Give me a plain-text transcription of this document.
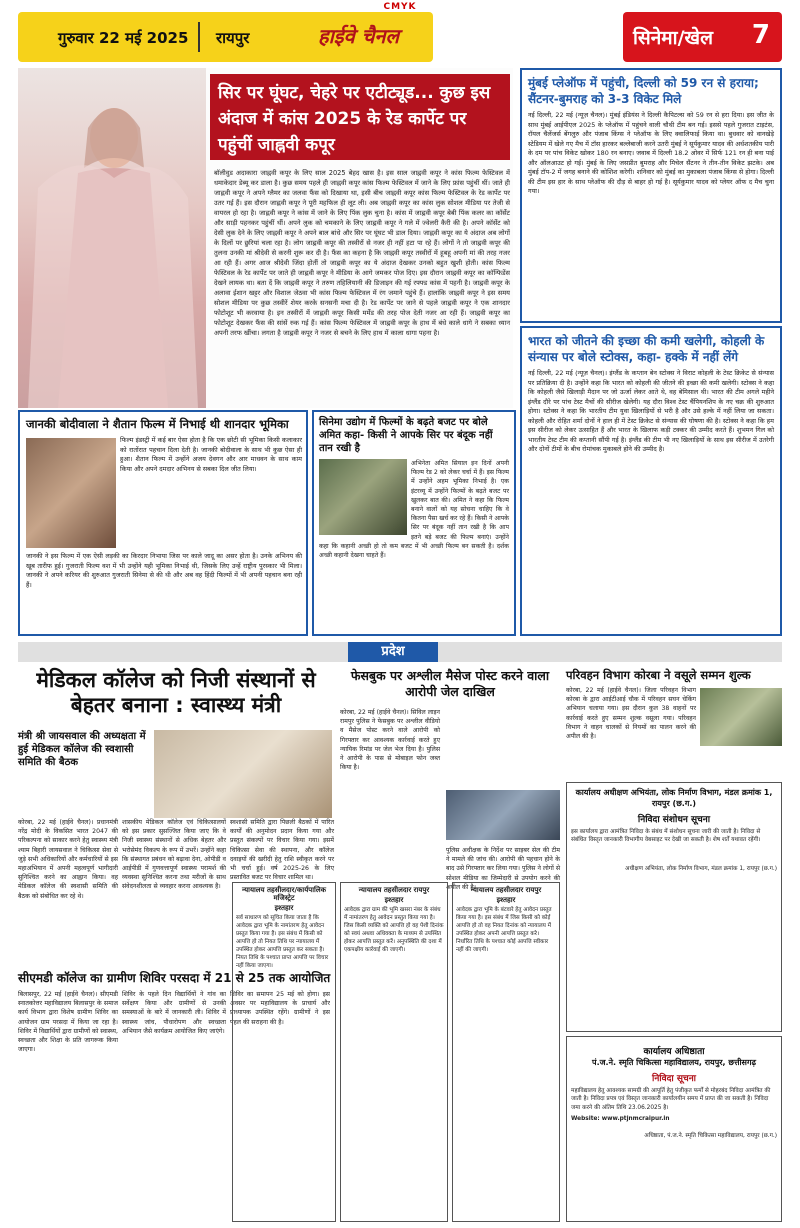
CMYK
गुरुवार 22 मई 2025 रायपुर	हाईवे चैनल	सिनेमा/खेल 7
सिर पर घूंघट, चेहरे पर एटीट्यूड... कुछ इस अंदाज में कांस 2025 के रेड कार्पेट पर पहुंचीं जाह्नवी कपूर
बॉलीवुड अदाकारा जाह्नवी कपूर के लिए साल 2025 बेहद खास है। इस साल जाह्नवी कपूर ने कांस फिल्म फेस्टिवल में धमाकेदार डेब्यू कर डाला है। कुछ समय पहले ही जाह्नवी कपूर कांस फिल्म फेस्टिवल में जाने के लिए फ्रांस पहुंचीं थीं। जाते ही जाह्नवी कपूर ने अपने ग्लैमर का जलवा फैंस को दिखाया था, इसी बीच जाह्नवी कपूर कांस फिल्म फेस्टिवल के रेड कार्पेट पर उतर गई हैं। इस दौरान जाह्नवी कपूर ने पूरी महफिल ही लूट ली। अब जाह्नवी कपूर का कांस लुक सोशल मीडिया पर तेजी से वायरल हो रहा है। जाह्नवी कपूर ने कांस में जाने के लिए पिंक लुक चुना है। कांस में जाह्नवी कपूर बेबी पिंक कलर का कॉर्सेट और साड़ी पहनकर पहुंचीं थीं। अपने लुक को चमकाने के लिए जाह्नवी कपूर ने गले में ज्वेलरी कैरी की है। अपने कॉर्सेट को देसी लुक देने के लिए जाह्नवी कपूर ने अपने बाल बांधे और सिर पर घूंघट भी डाल दिया। जाह्नवी कपूर का ये अंदाज अब लोगों के दिलों पर छुरियां चला रहा है। लोग जाह्नवी कपूर की तस्वीरों से नजर ही नहीं हटा पा रहे हैं। लोगों ने तो जाह्नवी कपूर की तुलना उनकी मां श्रीदेवी से करनी शुरू कर दी है। फैंस का कहना है कि जाह्नवी कपूर तस्वीरों में हूबहू अपनी मां की तरह नजर आ रही हैं। अगर आज श्रीदेवी जिंदा होतीं तो जाह्नवी कपूर का ये अंदाज देखकर उनको बहुत खुशी होती। कांस फिल्म फेस्टिवल के रेड कार्पेट पर जाते ही जाह्नवी कपूर ने मीडिया के आगे जमकर पोज दिए। इस दौरान जाह्नवी कपूर का कॉन्फिडेंस देखने लायक था। बता दें कि जाह्नवी कपूर ने तरुण तहिलियानी की डिजाइन की गई रफ्फ्ड कांस में पहनी है। जाह्नवी कपूर के अलावा ईशान खट्टर और विशाल जेठवा भी कांस फिल्म फेस्टिवल में रंग जमाने पहुंचे हैं। हालांकि जाह्नवी कपूर ने इस समय सोशल मीडिया पर कुछ तस्वीरें शेयर करके सनसनी मचा दी है। रेड कार्पेट पर जाने से पहले जाह्नवी कपूर ने एक शानदार फोटोशूट भी करवाया है। इन तस्वीरों में जाह्नवी कपूर किसी मर्मेड की तरह पोज देती नजर आ रही हैं। जाह्नवी कपूर का फोटोशूट देखकर फैंस की सांसें रुक गई हैं। कांस फिल्म फेस्टिवल में जाह्नवी कपूर के हाथ में बंधे काले धागे ने सबका ध्यान अपनी तरफ खींचा। लगता है जाह्नवी कपूर ने नजर से बचने के लिए हाथ में काला धागा पहना है।
मुंबई प्लेऑफ में पहुंची, दिल्ली को 59 रन से हराया; सैंटनर-बुमराह को 3-3 विकेट मिले
नई दिल्ली, 22 मई (न्यूज़ चैनल)। मुंबई इंडियंस ने दिल्ली कैपिटल्स को 59 रन से हरा दिया। इस जीत के साथ मुंबई आईपीएल 2025 के प्लेऑफ में पहुंचने वाली चौथी टीम बन गई। इससे पहले गुजरात टाइटंस, रॉयल चैलेंजर्स बेंगलुरु और पंजाब किंग्स ने प्लेऑफ के लिए क्वालिफाई किया था। बुधवार को वानखेड़े स्टेडियम में खेले गए मैच में टॉस हारकर बल्लेबाजी करने उतरी मुंबई ने सूर्यकुमार यादव की अर्धशतकीय पारी के दम पर पांच विकेट खोकर 180 रन बनाए। जवाब में दिल्ली 18.2 ओवर में सिर्फ 121 रन ही बना पाई और ऑलआउट हो गई। मुंबई के लिए जसप्रीत बुमराह और मिचेल सैंटनर ने तीन-तीन विकेट झटके। अब मुंबई टॉप-2 में जगह बनाने की कोशिश करेगी। शनिवार को मुंबई का मुकाबला पंजाब किंग्स से होगा। दिल्ली की टीम इस हार के साथ प्लेऑफ की दौड़ से बाहर हो गई है। सूर्यकुमार यादव को प्लेयर ऑफ द मैच चुना गया।
भारत को जीतने की इच्छा की कमी खलेगी, कोहली के संन्यास पर बोले स्टोक्स, कहा- हक्के में नहीं लेंगे
नई दिल्ली, 22 मई (न्यूज़ चैनल)। इंग्लैंड के कप्तान बेन स्टोक्स ने विराट कोहली के टेस्ट क्रिकेट से संन्यास पर प्रतिक्रिया दी है। उन्होंने कहा कि भारत को कोहली की जीतने की इच्छा की कमी खलेगी। स्टोक्स ने कहा कि कोहली जैसे खिलाड़ी मैदान पर जो ऊर्जा लेकर आते थे, वह बेमिसाल थी। भारत की टीम अगले महीने इंग्लैंड दौरे पर पांच टेस्ट मैचों की सीरीज खेलेगी। यह दौरा विश्व टेस्ट चैंपियनशिप के नए चक्र की शुरुआत होगा। स्टोक्स ने कहा कि भारतीय टीम युवा खिलाड़ियों से भरी है और उसे हल्के में नहीं लिया जा सकता। कोहली और रोहित शर्मा दोनों ने हाल ही में टेस्ट क्रिकेट से संन्यास की घोषणा की है। स्टोक्स ने कहा कि हम इस सीरीज को लेकर उत्साहित हैं और भारत के खिलाफ कड़ी टक्कर की उम्मीद करते हैं। शुभमन गिल को भारतीय टेस्ट टीम की कप्तानी सौंपी गई है। इंग्लैंड की टीम भी नए खिलाड़ियों के साथ इस सीरीज में उतरेगी और दोनों टीमों के बीच रोमांचक मुकाबले होने की उम्मीद है।
जानकी बोदीवाला ने शैतान फिल्म में निभाई थी शानदार भूमिका
फिल्म इंडस्ट्री में कई बार ऐसा होता है कि एक छोटी सी भूमिका किसी कलाकार को रातोंरात पहचान दिला देती है। जानकी बोदीवाला के साथ भी कुछ ऐसा ही हुआ। शैतान फिल्म में उन्होंने अजय देवगन और आर माधवन के साथ काम किया और अपने दमदार अभिनय से सबका दिल जीत लिया।
जानकी ने इस फिल्म में एक ऐसी लड़की का किरदार निभाया जिस पर काले जादू का असर होता है। उनके अभिनय की खूब तारीफ हुई। गुजराती फिल्म वश में भी उन्होंने यही भूमिका निभाई थी, जिसके लिए उन्हें राष्ट्रीय पुरस्कार भी मिला। जानकी ने अपने करियर की शुरुआत गुजराती सिनेमा से की थी और अब वह हिंदी फिल्मों में भी अपनी पहचान बना रही हैं।
सिनेमा उद्योग में फिल्मों के बढ़ते बजट पर बोले अमित कहा- किसी ने आपके सिर पर बंदूक नहीं तान रखी है
अभिनेता अमित सियाल इन दिनों अपनी फिल्म रेड 2 को लेकर चर्चा में हैं। इस फिल्म में उन्होंने अहम भूमिका निभाई है। एक इंटरव्यू में उन्होंने फिल्मों के बढ़ते बजट पर खुलकर बात की। अमित ने कहा कि फिल्म बनाने वालों को यह सोचना चाहिए कि वे कितना पैसा खर्च कर रहे हैं। किसी ने आपके सिर पर बंदूक नहीं तान रखी है कि आप इतने बड़े बजट की फिल्म बनाएं। उन्होंने कहा कि कहानी अच्छी हो तो कम बजट में भी अच्छी फिल्म बन सकती है। दर्शक अच्छी कहानी देखना चाहते हैं।
प्रदेश
मेडिकल कॉलेज को निजी संस्थानों से बेहतर बनाना : स्वास्थ्य मंत्री
मंत्री श्री जायसवाल की अध्यक्षता में हुई मेडिकल कॉलेज की स्वशासी समिति की बैठक
कोरबा, 22 मई (हाईवे चैनल)। प्रधानमंत्री नरेंद्र मोदी के विकसित भारत 2047 की परिकल्पना को साकार करने हेतु स्वास्थ्य मंत्री श्याम बिहारी जायसवाल ने चिकित्सा सेवा से जुड़े सभी अधिकारियों और कर्मचारियों से इस महाअभियान में अपनी महत्वपूर्ण भागीदारी सुनिश्चित करने का आह्वान किया। वह मेडिकल कॉलेज की स्वशासी समिति की बैठक को संबोधित कर रहे थे।
शासकीय मेडिकल कॉलेज एवं चिकित्सालयों को इस प्रकार सुसज्जित किया जाए कि वे निजी स्वास्थ्य संस्थानों से अधिक बेहतर और भरोसेमंद विकल्प के रूप में उभरें। उन्होंने कहा कि संस्थागत प्रबंधन को बढ़ावा देना, ओपीडी व आईपीडी में गुणवत्तापूर्ण स्वास्थ्य परामर्श की व्यवस्था सुनिश्चित करना तथा मरीजों के साथ संवेदनशीलता से व्यवहार करना आवश्यक है।
स्वशासी समिति द्वारा पिछली बैठकों में पारित कार्यों की अनुमोदन प्रदान किया गया और प्रस्तुत संकल्पों पर विचार किया गया। इसमें चिकित्सा सेवा की स्थापना, और कॉलेज दवाइयों की खरीदी हेतु राशि स्वीकृत करने पर भी चर्चा हुई। वर्ष 2025-26 के लिए प्रस्तावित बजट पर विचार शामिल था।
सीएमडी कॉलेज का ग्रामीण शिविर परसदा में 21 से 25 तक आयोजित
बिलासपुर, 22 मई (हाईवे चैनल)। सीएमडी स्नातकोत्तर महाविद्यालय बिलासपुर के समाज कार्य विभाग द्वारा विशेष ग्रामीण शिविर का आयोजन ग्राम परसदा में किया जा रहा है। शिविर में विद्यार्थियों द्वारा ग्रामीणों को स्वास्थ्य, स्वच्छता और शिक्षा के प्रति जागरूक किया जाएगा।
शिविर के पहले दिन विद्यार्थियों ने गांव का सर्वेक्षण किया और ग्रामीणों से उनकी समस्याओं के बारे में जानकारी ली। शिविर में स्वास्थ्य जांच, पौधारोपण और स्वच्छता अभियान जैसे कार्यक्रम आयोजित किए जाएंगे।
शिविर का समापन 25 मई को होगा। इस अवसर पर महाविद्यालय के प्राचार्य और प्राध्यापक उपस्थित रहेंगे। ग्रामीणों ने इस पहल की सराहना की है।
फेसबुक पर अश्लील मैसेज पोस्ट करने वाला आरोपी जेल दाखिल
कोरबा, 22 मई (हाईवे चैनल)। सिविल लाइन रामपुर पुलिस ने फेसबुक पर अश्लील वीडियो व मैसेज पोस्ट करने वाले आरोपी को गिरफ्तार कर आवश्यक कार्रवाई करते हुए न्यायिक रिमांड पर जेल भेज दिया है। पुलिस ने आरोपी के पास से मोबाइल फोन जब्त किया है।
पुलिस अधीक्षक के निर्देश पर साइबर सेल की टीम ने मामले की जांच की। आरोपी की पहचान होने के बाद उसे गिरफ्तार कर लिया गया। पुलिस ने लोगों से सोशल मीडिया का जिम्मेदारी से उपयोग करने की अपील की है।
न्यायालय तहसीलदार/कार्यपालिक मजिस्ट्रेट
इश्तहार
सर्व साधारण को सूचित किया जाता है कि आवेदक द्वारा भूमि के नामांतरण हेतु आवेदन प्रस्तुत किया गया है। इस संबंध में किसी को आपत्ति हो तो नियत तिथि पर न्यायालय में उपस्थित होकर आपत्ति प्रस्तुत कर सकता है। नियत तिथि के पश्चात प्राप्त आपत्ति पर विचार नहीं किया जाएगा।
न्यायालय तहसीलदार रायपुर
इश्तहार
आवेदक द्वारा ग्राम की भूमि खसरा नंबर के संबंध में नामांतरण हेतु आवेदन प्रस्तुत किया गया है। जिस किसी व्यक्ति को आपत्ति हो वह पेशी दिनांक को स्वयं अथवा अधिवक्ता के माध्यम से उपस्थित होकर आपत्ति प्रस्तुत करें। अनुपस्थिति की दशा में एकपक्षीय कार्रवाई की जाएगी।
न्यायालय तहसीलदार रायपुर
इश्तहार
आवेदक द्वारा भूमि के बंटवारे हेतु आवेदन प्रस्तुत किया गया है। इस संबंध में जिस किसी को कोई आपत्ति हो तो वह नियत दिनांक को न्यायालय में उपस्थित होकर अपनी आपत्ति प्रस्तुत करे। निर्धारित तिथि के पश्चात कोई आपत्ति स्वीकार नहीं की जाएगी।
परिवहन विभाग कोरबा ने वसूले सम्मन शुल्क
कोरबा, 22 मई (हाईवे चैनल)। जिला परिवहन विभाग कोरबा के द्वारा आईटीआई चौक में परिवहन सघन चेकिंग अभियान चलाया गया। इस दौरान कुल 38 वाहनों पर कार्रवाई करते हुए सम्मन शुल्क वसूला गया। परिवहन विभाग ने वाहन चालकों से नियमों का पालन करने की अपील की है।
कार्यालय अधीक्षण अभियंता, लोक निर्माण विभाग, मंडल क्रमांक 1, रायपुर (छ.ग.)
निविदा संशोधन सूचना
इस कार्यालय द्वारा आमंत्रित निविदा के संबंध में संशोधन सूचना जारी की जाती है। निविदा से संबंधित विस्तृत जानकारी विभागीय वेबसाइट पर देखी जा सकती है। शेष शर्तें यथावत रहेंगी।
अधीक्षण अभियंता, लोक निर्माण विभाग, मंडल क्रमांक 1, रायपुर (छ.ग.)
कार्यालय अधिष्ठाता
पं.ज.ने. स्मृति चिकित्सा महाविद्यालय, रायपुर, छत्तीसगढ़
निविदा सूचना
महाविद्यालय हेतु आवश्यक सामग्री की आपूर्ति हेतु पंजीकृत फर्मों से मोहरबंद निविदा आमंत्रित की जाती है। निविदा प्रपत्र एवं विस्तृत जानकारी कार्यालयीन समय में प्राप्त की जा सकती है। निविदा जमा करने की अंतिम तिथि 23.06.2025 है।
Website: www.ptjnmcraipur.in
अधिष्ठाता, पं.ज.ने. स्मृति चिकित्सा महाविद्यालय, रायपुर (छ.ग.)
